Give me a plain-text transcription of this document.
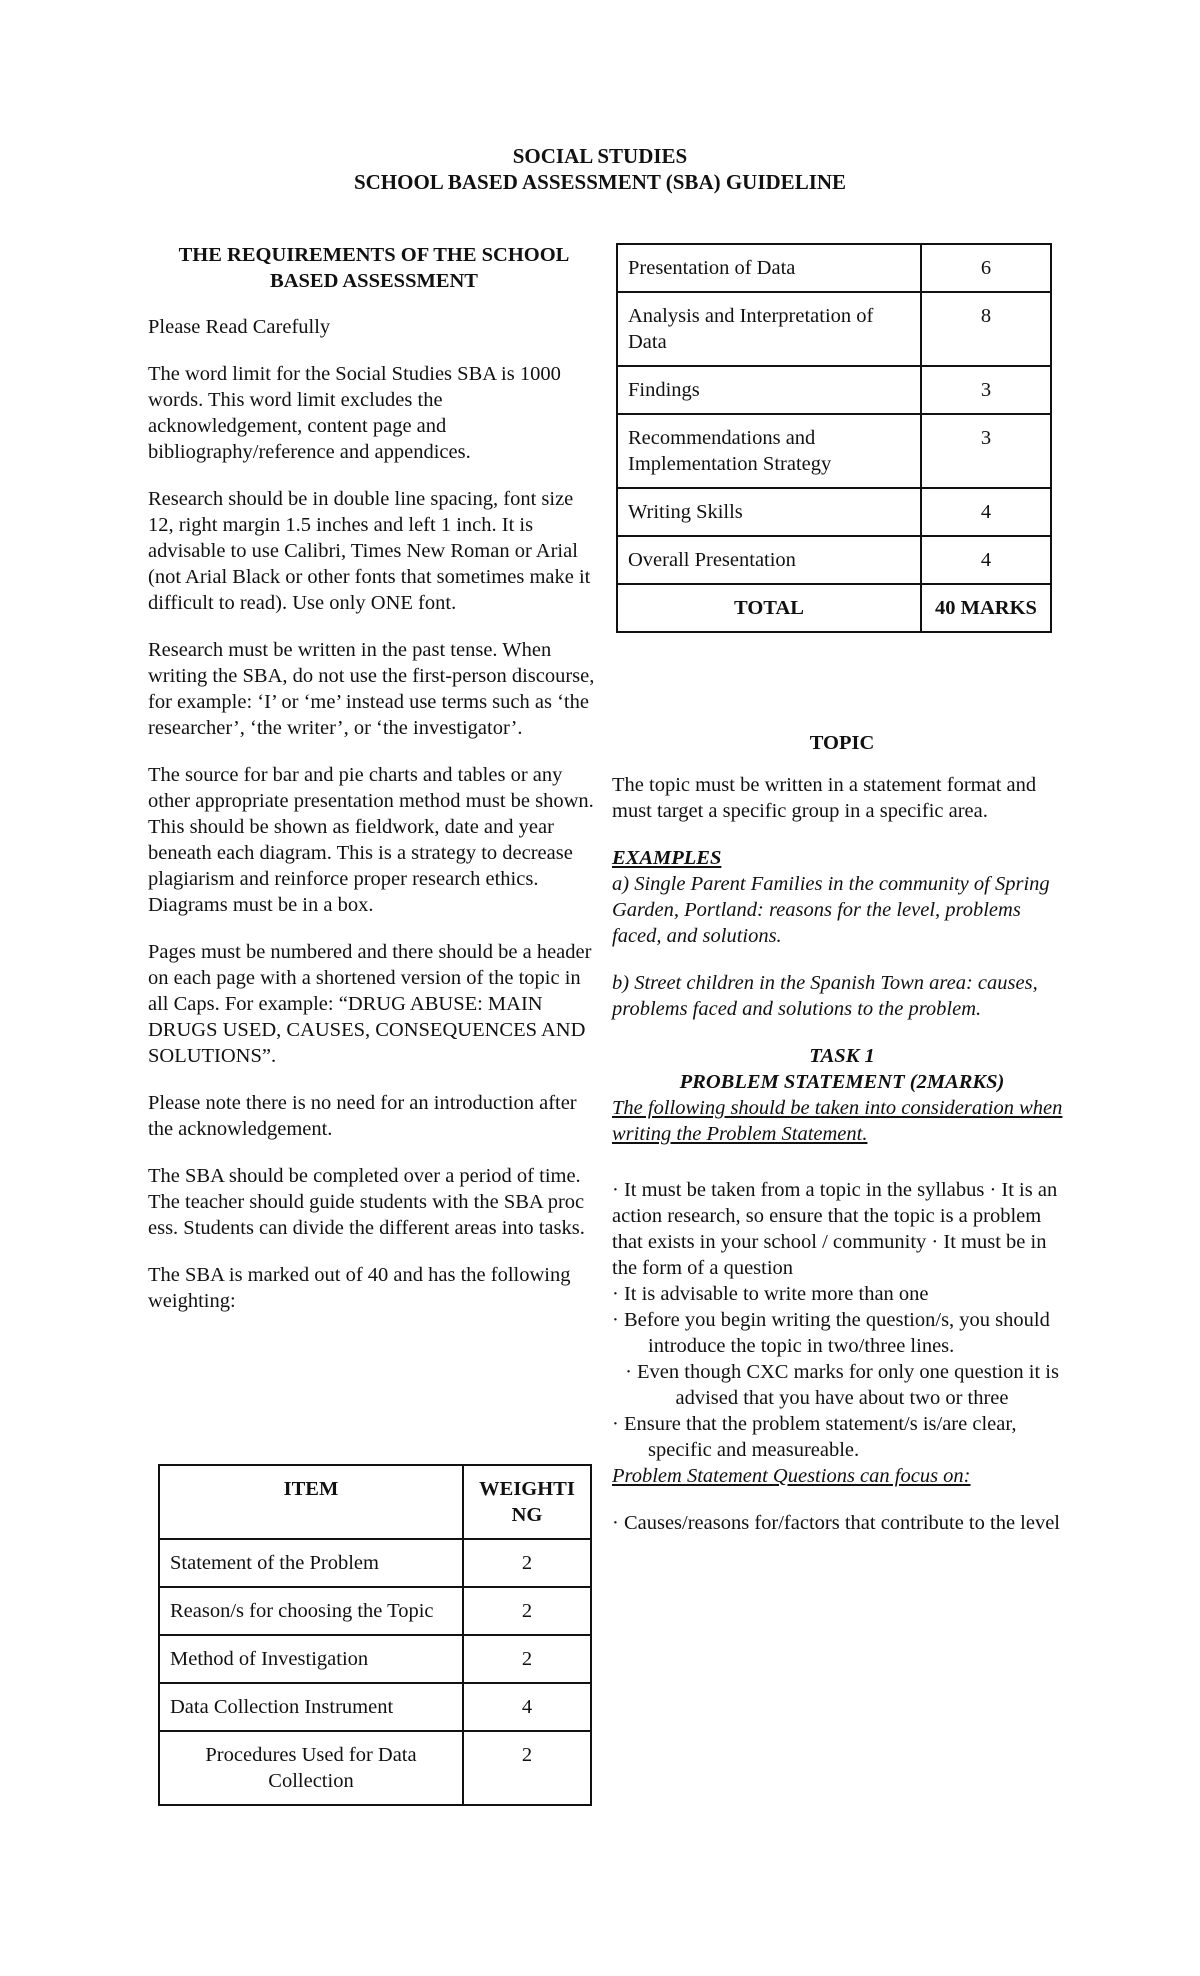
SOCIAL STUDIES
SCHOOL BASED ASSESSMENT (SBA) GUIDELINE
THE REQUIREMENTS OF THE SCHOOL BASED ASSESSMENT

Please Read Carefully

The word limit for the Social Studies SBA is 1000 words. This word limit excludes the acknowledgement, content page and bibliography/reference and appendices.

Research should be in double line spacing, font size 12, right margin 1.5 inches and left 1 inch. It is advisable to use Calibri, Times New Roman or Arial (not Arial Black or other fonts that sometimes make it difficult to read). Use only ONE font.

Research must be written in the past tense. When writing the SBA, do not use the first-person discourse, for example: ‘I’ or ‘me’ instead use terms such as ‘the researcher’, ‘the writer’, or ‘the investigator’.

The source for bar and pie charts and tables or any other appropriate presentation method must be shown. This should be shown as fieldwork, date and year beneath each diagram. This is a strategy to decrease plagiarism and reinforce proper research ethics. Diagrams must be in a box.

Pages must be numbered and there should be a header on each page with a shortened version of the topic in all Caps. For example: “DRUG ABUSE: MAIN DRUGS USED, CAUSES, CONSEQUENCES AND SOLUTIONS”.

Please note there is no need for an introduction after the acknowledgement.

The SBA should be completed over a period of time. The teacher should guide students with the SBA proc ess. Students can divide the different areas into tasks.

The SBA is marked out of 40 and has the following weighting:

ITEM	WEIGHTI NG
Statement of the Problem	2
Reason/s for choosing the Topic	2
Method of Investigation	2
Data Collection Instrument	4
Procedures Used for Data Collection	2
Presentation of Data	6
Analysis and Interpretation of Data	8
Findings	3
Recommendations and Implementation Strategy	3
Writing Skills	4
Overall Presentation	4
TOTAL	40 MARKS
TOPIC

The topic must be written in a statement format and must target a specific group in a specific area.

EXAMPLES

a) Single Parent Families in the community of Spring Garden, Portland: reasons for the level, problems faced, and solutions.

b) Street children in the Spanish Town area: causes, problems faced and solutions to the problem.

TASK 1

PROBLEM STATEMENT (2MARKS)

The following should be taken into consideration when writing the Problem Statement.

· It must be taken from a topic in the syllabus · It is an action research, so ensure that the topic is a problem that exists in your school / community · It must be in the form of a question
· It is advisable to write more than one
· Before you begin writing the question/s, you should introduce the topic in two/three lines.
· Even though CXC marks for only one question it is advised that you have about two or three

· Ensure that the problem statement/s is/are clear, specific and measureable.

Problem Statement Questions can focus on:

· Causes/reasons for/factors that contribute to the level
